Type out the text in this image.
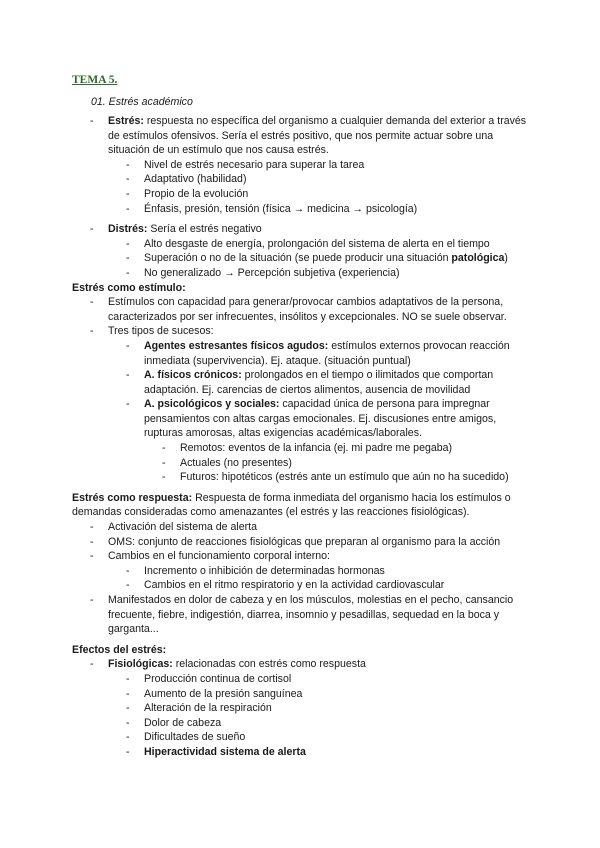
TEMA 5.
01. Estrés académico
-	Estrés: respuesta no específica del organismo a cualquier demanda del exterior a través de estímulos ofensivos. Sería el estrés positivo, que nos permite actuar sobre una situación de un estímulo que nos causa estrés.
-	Nivel de estrés necesario para superar la tarea
-	Adaptativo (habilidad)
-	Propio de la evolución
-	Énfasis, presión, tensión (física → medicina → psicología)
-	Distrés: Sería el estrés negativo
-	Alto desgaste de energía, prolongación del sistema de alerta en el tiempo
-	Superación o no de la situación (se puede producir una situación patológica)
-	No generalizado → Percepción subjetiva (experiencia)
Estrés como estímulo:
-	Estímulos con capacidad para generar/provocar cambios adaptativos de la persona, caracterizados por ser infrecuentes, insólitos y excepcionales. NO se suele observar.
-	Tres tipos de sucesos:
-	Agentes estresantes físicos agudos: estímulos externos provocan reacción inmediata (supervivencia). Ej. ataque. (situación puntual)
-	A. físicos crónicos: prolongados en el tiempo o ilimitados que comportan adaptación. Ej. carencias de ciertos alimentos, ausencia de movilidad
-	A. psicológicos y sociales: capacidad única de persona para impregnar pensamientos con altas cargas emocionales. Ej. discusiones entre amigos, rupturas amorosas, altas exigencias académicas/laborales.
-	Remotos: eventos de la infancia (ej. mi padre me pegaba)
-	Actuales (no presentes)
-	Futuros: hipotéticos (estrés ante un estímulo que aún no ha sucedido)
Estrés como respuesta: Respuesta de forma inmediata del organismo hacia los estímulos o demandas consideradas como amenazantes (el estrés y las reacciones fisiológicas).
-	Activación del sistema de alerta
-	OMS: conjunto de reacciones fisiológicas que preparan al organismo para la acción
-	Cambios en el funcionamiento corporal interno:
-	Incremento o inhibición de determinadas hormonas
-	Cambios en el ritmo respiratorio y en la actividad cardiovascular
-	Manifestados en dolor de cabeza y en los músculos, molestias en el pecho, cansancio frecuente, fiebre, indigestión, diarrea, insomnio y pesadillas, sequedad en la boca y garganta...
Efectos del estrés:
-	Fisiológicas: relacionadas con estrés como respuesta
-	Producción continua de cortisol
-	Aumento de la presión sanguínea
-	Alteración de la respiración
-	Dolor de cabeza
-	Dificultades de sueño
-	Hiperactividad sistema de alerta
